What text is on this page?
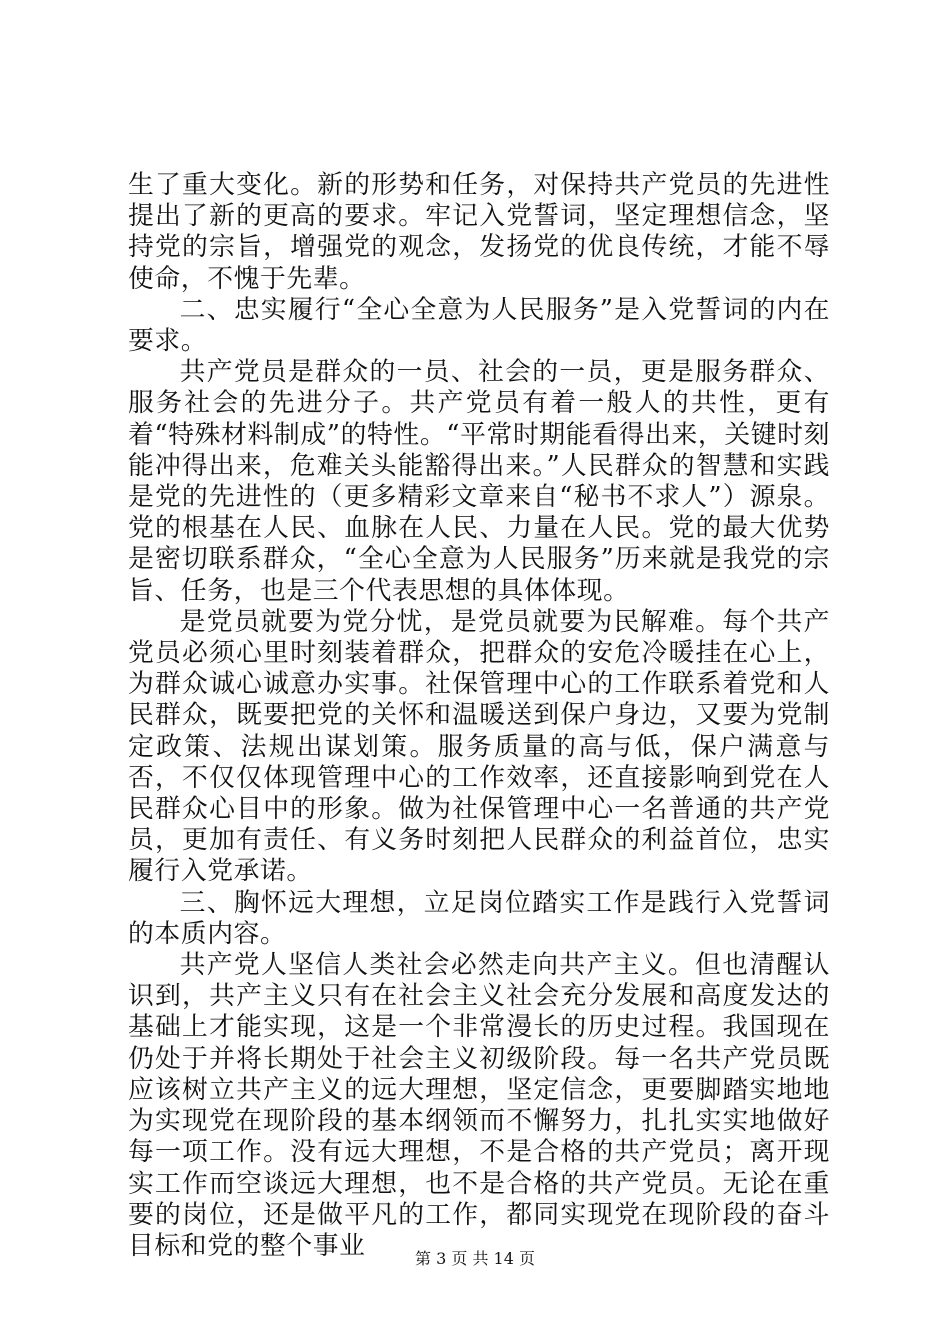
生了重大变化。新的形势和任务，对保持共产党员的先进性提出了新的更高的要求。牢记入党誓词，坚定理想信念，坚持党的宗旨，增强党的观念，发扬党的优良传统，才能不辱使命，不愧于先辈。

二、忠实履行“全心全意为人民服务”是入党誓词的内在要求。

共产党员是群众的一员、社会的一员，更是服务群众、服务社会的先进分子。共产党员有着一般人的共性，更有着“特殊材料制成”的特性。“平常时期能看得出来，关键时刻能冲得出来，危难关头能豁得出来。”人民群众的智慧和实践是党的先进性的（更多精彩文章来自“秘书不求人”）源泉。党的根基在人民、血脉在人民、力量在人民。党的最大优势是密切联系群众，“全心全意为人民服务”历来就是我党的宗旨、任务，也是三个代表思想的具体体现。

是党员就要为党分忧，是党员就要为民解难。每个共产党员必须心里时刻装着群众，把群众的安危冷暖挂在心上，为群众诚心诚意办实事。社保管理中心的工作联系着党和人民群众，既要把党的关怀和温暖送到保户身边，又要为党制定政策、法规出谋划策。服务质量的高与低，保户满意与否，不仅仅体现管理中心的工作效率，还直接影响到党在人民群众心目中的形象。做为社保管理中心一名普通的共产党员，更加有责任、有义务时刻把人民群众的利益首位，忠实履行入党承诺。

三、胸怀远大理想，立足岗位踏实工作是践行入党誓词的本质内容。

共产党人坚信人类社会必然走向共产主义。但也清醒认识到，共产主义只有在社会主义社会充分发展和高度发达的基础上才能实现，这是一个非常漫长的历史过程。我国现在仍处于并将长期处于社会主义初级阶段。每一名共产党员既应该树立共产主义的远大理想，坚定信念，更要脚踏实地地为实现党在现阶段的基本纲领而不懈努力，扎扎实实地做好每一项工作。没有远大理想，不是合格的共产党员；离开现实工作而空谈远大理想，也不是合格的共产党员。无论在重要的岗位，还是做平凡的工作，都同实现党在现阶段的奋斗目标和党的整个事业	第 3 页 共 14 页
